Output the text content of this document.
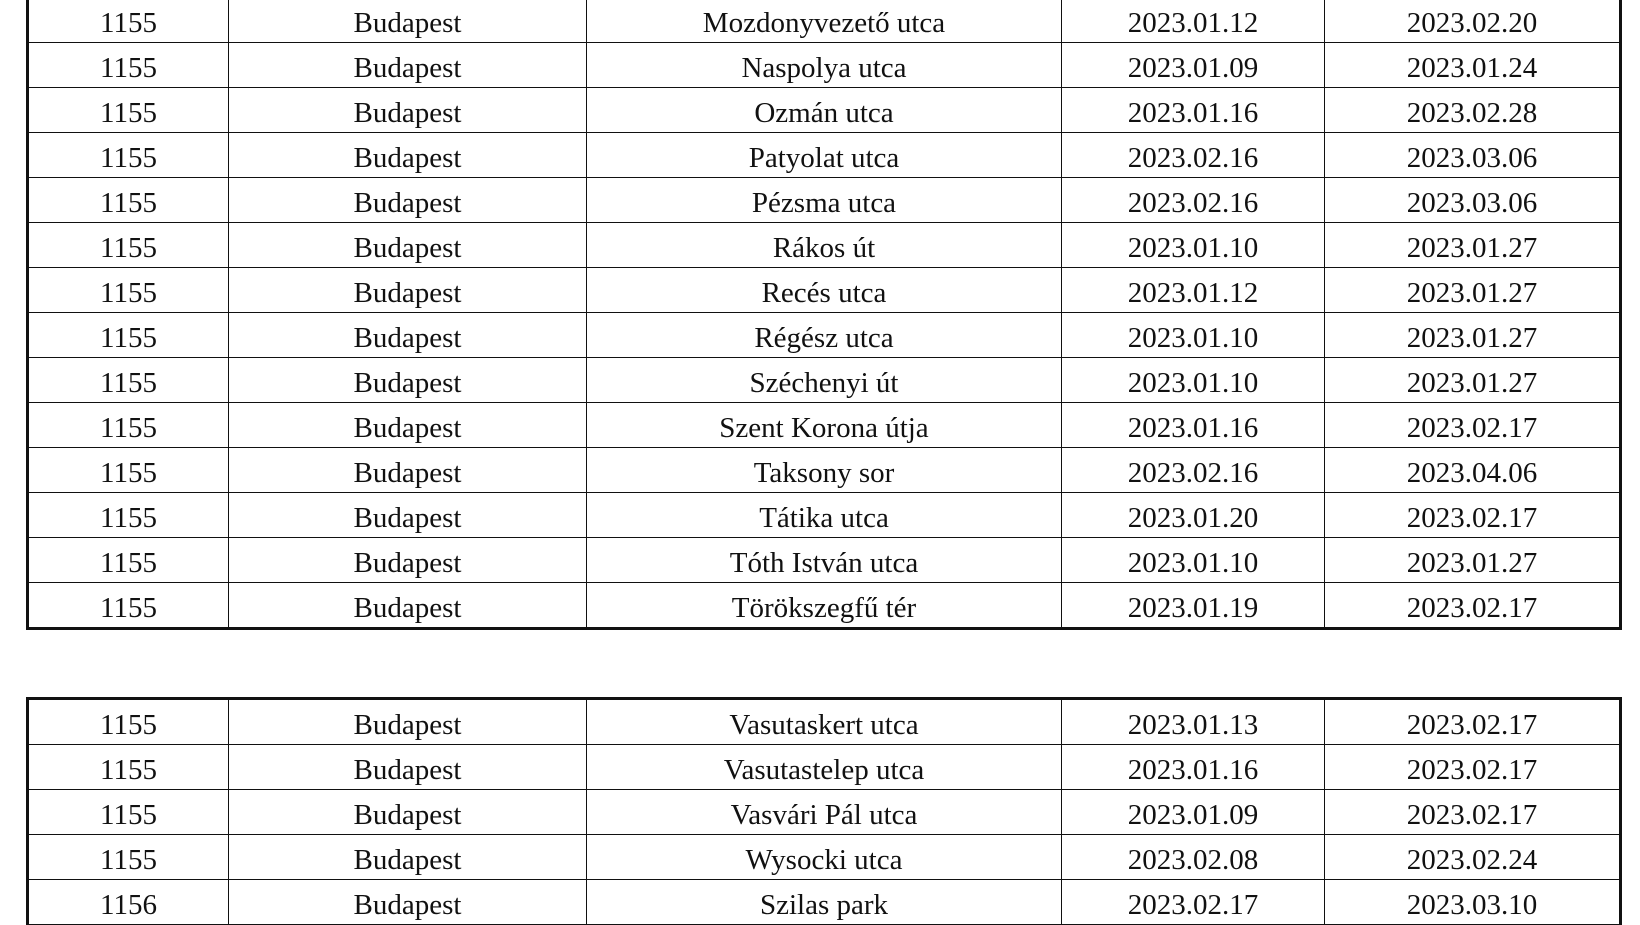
1155	Budapest	Mozdonyvezető utca	2023.01.12	2023.02.20
1155	Budapest	Naspolya utca	2023.01.09	2023.01.24
1155	Budapest	Ozmán utca	2023.01.16	2023.02.28
1155	Budapest	Patyolat utca	2023.02.16	2023.03.06
1155	Budapest	Pézsma utca	2023.02.16	2023.03.06
1155	Budapest	Rákos út	2023.01.10	2023.01.27
1155	Budapest	Recés utca	2023.01.12	2023.01.27
1155	Budapest	Régész utca	2023.01.10	2023.01.27
1155	Budapest	Széchenyi út	2023.01.10	2023.01.27
1155	Budapest	Szent Korona útja	2023.01.16	2023.02.17
1155	Budapest	Taksony sor	2023.02.16	2023.04.06
1155	Budapest	Tátika utca	2023.01.20	2023.02.17
1155	Budapest	Tóth István utca	2023.01.10	2023.01.27
1155	Budapest	Törökszegfű tér	2023.01.19	2023.02.17
1155	Budapest	Vasutaskert utca	2023.01.13	2023.02.17
1155	Budapest	Vasutastelep utca	2023.01.16	2023.02.17
1155	Budapest	Vasvári Pál utca	2023.01.09	2023.02.17
1155	Budapest	Wysocki utca	2023.02.08	2023.02.24
1156	Budapest	Szilas park	2023.02.17	2023.03.10
